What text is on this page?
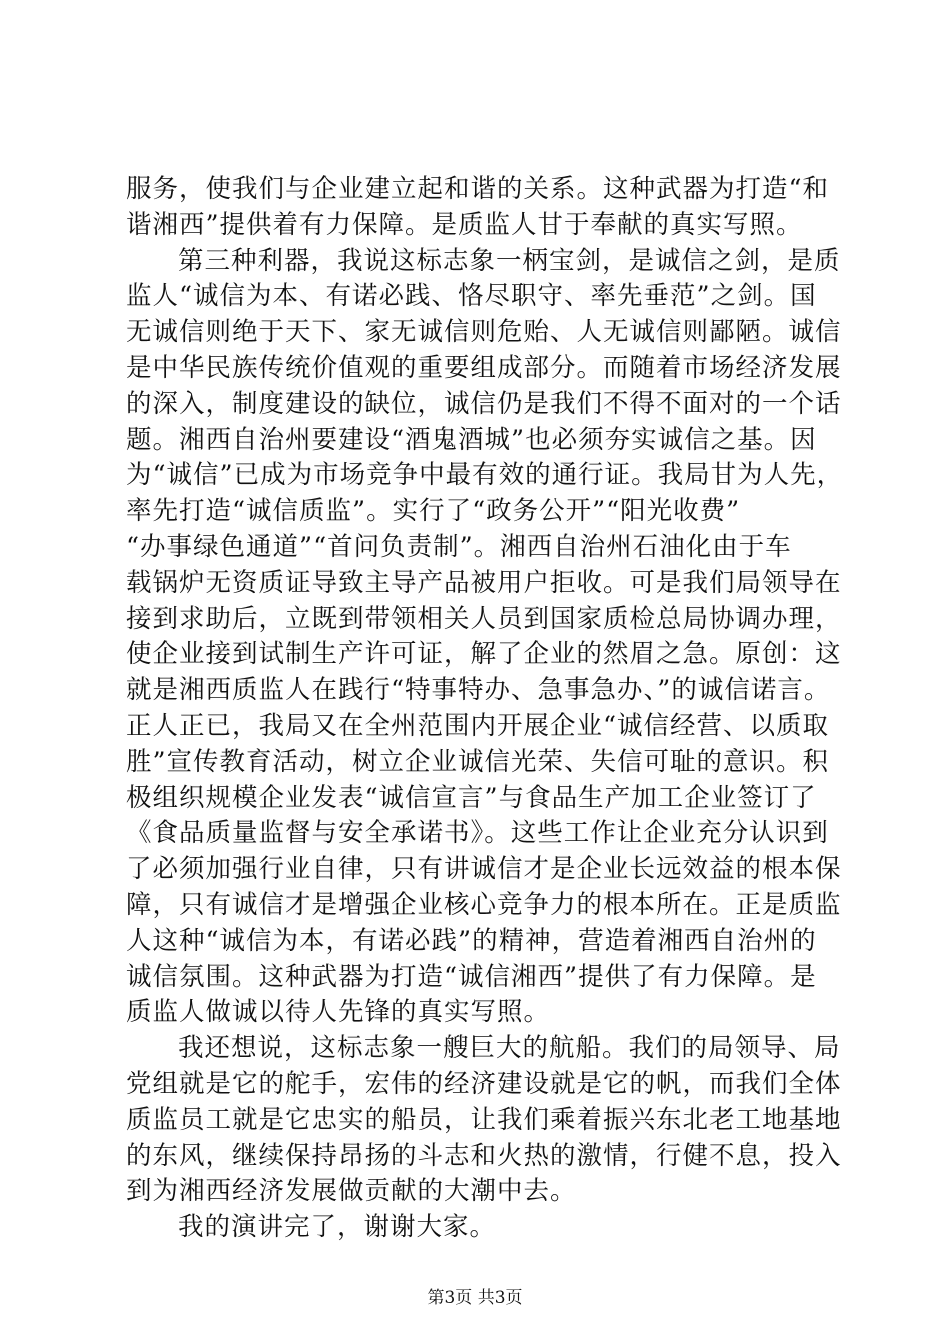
服务，使我们与企业建立起和谐的关系。这种武器为打造“和
谐湘西”提供着有力保障。是质监人甘于奉献的真实写照。
第三种利器，我说这标志象一柄宝剑，是诚信之剑，是质
监人“诚信为本、有诺必践、恪尽职守、率先垂范”之剑。国
无诚信则绝于天下、家无诚信则危贻、人无诚信则鄙陋。诚信
是中华民族传统价值观的重要组成部分。而随着市场经济发展
的深入，制度建设的缺位，诚信仍是我们不得不面对的一个话
题。湘西自治州要建设“酒鬼酒城”也必须夯实诚信之基。因
为“诚信”已成为市场竞争中最有效的通行证。我局甘为人先，
率先打造“诚信质监”。实行了“政务公开”“阳光收费”
“办事绿色通道”“首问负责制”。湘西自治州石油化由于车
载锅炉无资质证导致主导产品被用户拒收。可是我们局领导在
接到求助后，立既到带领相关人员到国家质检总局协调办理，
使企业接到试制生产许可证，解了企业的然眉之急。原创：这
就是湘西质监人在践行“特事特办、急事急办、”的诚信诺言。
正人正已，我局又在全州范围内开展企业“诚信经营、以质取
胜”宣传教育活动，树立企业诚信光荣、失信可耻的意识。积
极组织规模企业发表“诚信宣言”与食品生产加工企业签订了
《食品质量监督与安全承诺书》。这些工作让企业充分认识到
了必须加强行业自律，只有讲诚信才是企业长远效益的根本保
障，只有诚信才是增强企业核心竞争力的根本所在。正是质监
人这种“诚信为本，有诺必践”的精神，营造着湘西自治州的
诚信氛围。这种武器为打造“诚信湘西”提供了有力保障。是
质监人做诚以待人先锋的真实写照。
我还想说，这标志象一艘巨大的航船。我们的局领导、局
党组就是它的舵手，宏伟的经济建设就是它的帆，而我们全体
质监员工就是它忠实的船员，让我们乘着振兴东北老工地基地
的东风，继续保持昂扬的斗志和火热的激情，行健不息，投入
到为湘西经济发展做贡献的大潮中去。
我的演讲完了，谢谢大家。
第3页 共3页
